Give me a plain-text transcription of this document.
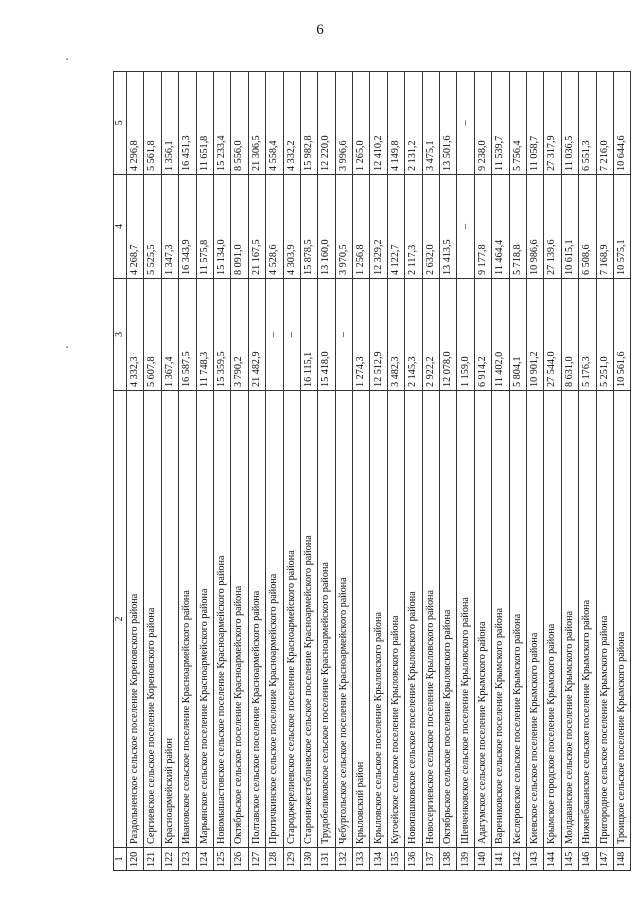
6
1	2	3	4	5
120	Раздольненское сельское поселение Кореновского района	4 332,3	4 268,7	4 296,8
121	Сергиевское сельское поселение Кореновского района	5 607,8	5 525,5	5 561,8
122	Красноармейский район	1 367,4	1 347,3	1 356,1
123	Ивановское сельское поселение Красноармейского района	16 587,5	16 343,9	16 451,3
124	Марьянское сельское поселение Красноармейского района	11 748,3	11 575,8	11 651,8
125	Новомышастовское сельское поселение Красноармейского района	15 359,5	15 134,0	15 233,4
126	Октябрьское сельское поселение Красноармейского района	3 790,2	8 091,0	8 556,0
127	Полтавское сельское поселение Красноармейского района	21 482,9	21 167,5	21 306,5
128	Протичкинское сельское поселение Красноармейского района	–	4 528,6	4 558,4
129	Староджерелиевское сельское поселение Красноармейского района	–	4 303,9	4 332,2
130	Старонижестеблиевское сельское поселение Красноармейского района	16 115,1	15 878,5	15 982,8
131	Трудобеликовское сельское поселение Красноармейского района	15 418,0	13 160,0	12 220,0
132	Чебургольское сельское поселение Красноармейского района	–	3 970,5	3 996,6
133	Крыловский район	1 274,3	1 256,8	1 265,0
134	Крыловское сельское поселение Крыловского района	12 512,9	12 329,2	12 410,2
135	Кугоейское сельское поселение Крыловского района	3 482,3	4 122,7	4 149,8
136	Новопашковское сельское поселение Крыловского района	2 145,3	2 117,3	2 131,2
137	Новосергиевское сельское поселение Крыловского района	2 922,2	2 632,0	3 475,1
138	Октябрьское сельское поселение Крыловского района	12 078,0	13 413,5	13 501,6
139	Шевченковское сельское поселение Крыловского района	1 159,0	–	–
140	Адагумское сельское поселение Крымского района	6 914,2	9 177,8	9 238,0
141	Варениковское сельское поселение Крымского района	11 402,0	11 464,4	11 539,7
142	Кеслеровское сельское поселение Крымского района	5 804,1	5 718,8	5 756,4
143	Киевское сельское поселение Крымского района	10 901,2	10 986,6	11 058,7
144	Крымское городское поселение Крымского района	27 544,0	27 139,6	27 317,9
145	Молдаванское сельское поселение Крымского района	8 631,0	10 615,1	11 036,5
146	Нижнебаканское сельское поселение Крымского района	5 176,3	6 508,6	6 551,3
147	Пригородное сельское поселение Крымского района	5 251,0	7 168,9	7 216,0
148	Троицкое сельское поселение Крымского района	10 561,6	10 575,1	10 644,6
